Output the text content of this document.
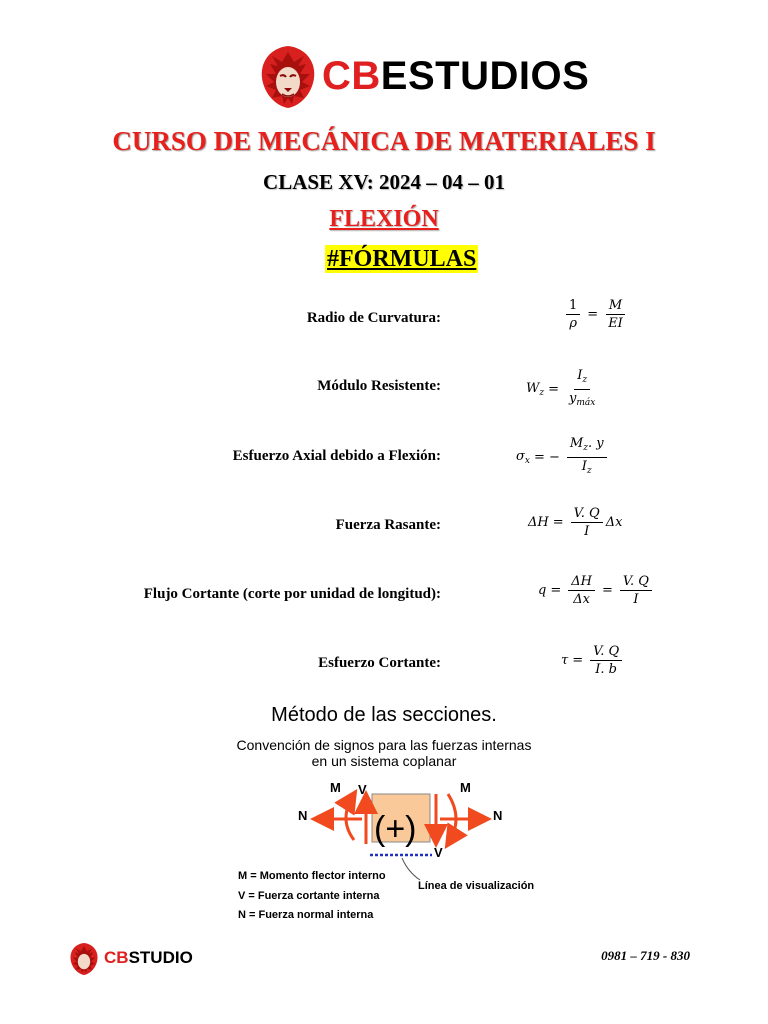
CBESTUDIOS
CURSO DE MECÁNICA DE MATERIALES I
CLASE XV: 2024 – 04 – 01
FLEXIÓN
#FÓRMULAS
Radio de Curvatura:	$\frac{1}{\rho} = \frac{M}{EI}$
Módulo Resistente:	$W_z = \frac{I_z}{y_{máx}}$
Esfuerzo Axial debido a Flexión:	$\sigma_x$ = − $\frac{M_z. y}{I_z}$
Fuerza Rasante:	$\Delta H = \frac{V. Q}{I}$ Δx
Flujo Cortante (corte por unidad de longitud):	$q = \frac{\Delta H}{\Delta x} = \frac{V. Q}{I}$
Esfuerzo Cortante:	$\tau = \frac{V. Q}{I. b}$
Método de las secciones.
Convención de signos para las fuerzas internas
en un sistema coplanar
(+)
M V
N
M
N
V
M = Momento flector interno
V = Fuerza cortante interna
N = Fuerza normal interna
Línea de visualización
CBSTUDIO	0981 – 719 - 830
